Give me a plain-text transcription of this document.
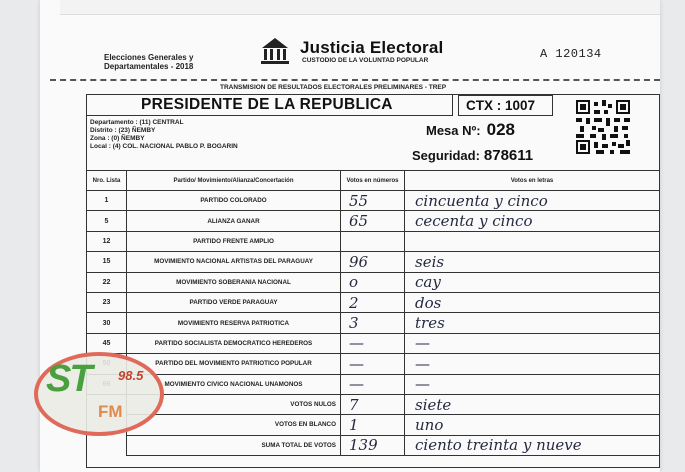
Elecciones Generales y
Departamentales - 2018
Justicia Electoral
CUSTODIO DE LA VOLUNTAD POPULAR	A 120134
TRANSMISION DE RESULTADOS ELECTORALES PRELIMINARES - TREP
PRESIDENTE DE LA REPUBLICA	CTX : 1007
Departamento : (11) CENTRAL
Distrito : (23) ÑEMBY
Zona : (0) ÑEMBY
Local : (4) COL. NACIONAL PABLO P. BOGARIN
Mesa Nº: 028
Seguridad: 878611
Nro. Lista	Partido/ Movimiento/Alianza/Concertación	Votos en números	Votos en letras
1	PARTIDO COLORADO	55	cincuenta y cinco
5	ALIANZA GANAR	65	cecenta y cinco
12	PARTIDO FRENTE AMPLIO		
15	MOVIMIENTO NACIONAL ARTISTAS DEL PARAGUAY	96	seis
22	MOVIMIENTO SOBERANIA NACIONAL	o	cay
23	PARTIDO VERDE PARAGUAY	2	dos
30	MOVIMIENTO RESERVA PATRIOTICA	3	tres
45	PARTIDO SOCIALISTA DEMOCRATICO HEREDEROS	—	—
	PARTIDO DEL MOVIMIENTO PATRIOTICO POPULAR	—	—
	MOVIMIENTO CIVICO NACIONAL UNAMONOS	—	—
	VOTOS NULOS	7	siete
	VOTOS EN BLANCO	1	uno
	SUMA TOTAL DE VOTOS	139	ciento treinta y nueve
ST 98.5
FM
